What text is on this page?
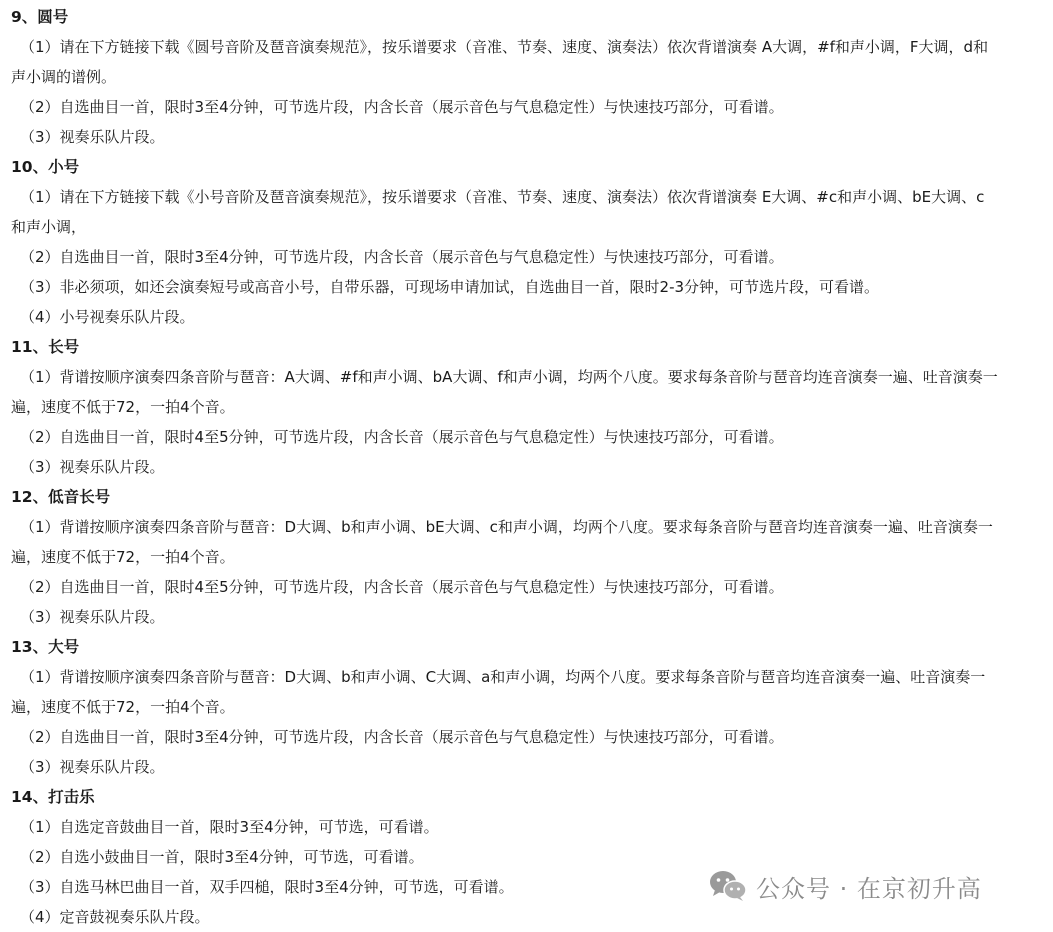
9、圆号
（1）请在下方链接下载《圆号音阶及琶音演奏规范》，按乐谱要求（音准、节奏、速度、演奏法）依次背谱演奏 A大调，#f和声小调，F大调，d和
声小调的谱例。
（2）自选曲目一首，限时3至4分钟，可节选片段，内含长音（展示音色与气息稳定性）与快速技巧部分，可看谱。
（3）视奏乐队片段。
10、小号
（1）请在下方链接下载《小号音阶及琶音演奏规范》，按乐谱要求（音准、节奏、速度、演奏法）依次背谱演奏 E大调、#c和声小调、bE大调、c
和声小调，
（2）自选曲目一首，限时3至4分钟，可节选片段，内含长音（展示音色与气息稳定性）与快速技巧部分，可看谱。
（3）非必须项，如还会演奏短号或高音小号，自带乐器，可现场申请加试，自选曲目一首，限时2-3分钟，可节选片段，可看谱。
（4）小号视奏乐队片段。
11、长号
（1）背谱按顺序演奏四条音阶与琶音：A大调、#f和声小调、bA大调、f和声小调，均两个八度。要求每条音阶与琶音均连音演奏一遍、吐音演奏一
遍，速度不低于72，一拍4个音。
（2）自选曲目一首，限时4至5分钟，可节选片段，内含长音（展示音色与气息稳定性）与快速技巧部分，可看谱。
（3）视奏乐队片段。
12、低音长号
（1）背谱按顺序演奏四条音阶与琶音：D大调、b和声小调、bE大调、c和声小调，均两个八度。要求每条音阶与琶音均连音演奏一遍、吐音演奏一
遍，速度不低于72，一拍4个音。
（2）自选曲目一首，限时4至5分钟，可节选片段，内含长音（展示音色与气息稳定性）与快速技巧部分，可看谱。
（3）视奏乐队片段。
13、大号
（1）背谱按顺序演奏四条音阶与琶音：D大调、b和声小调、C大调、a和声小调，均两个八度。要求每条音阶与琶音均连音演奏一遍、吐音演奏一
遍，速度不低于72，一拍4个音。
（2）自选曲目一首，限时3至4分钟，可节选片段，内含长音（展示音色与气息稳定性）与快速技巧部分，可看谱。
（3）视奏乐队片段。
14、打击乐
（1）自选定音鼓曲目一首，限时3至4分钟，可节选，可看谱。
（2）自选小鼓曲目一首，限时3至4分钟，可节选，可看谱。
（3）自选马林巴曲目一首，双手四槌，限时3至4分钟，可节选，可看谱。
（4）定音鼓视奏乐队片段。
公众号 · 在京初升高
